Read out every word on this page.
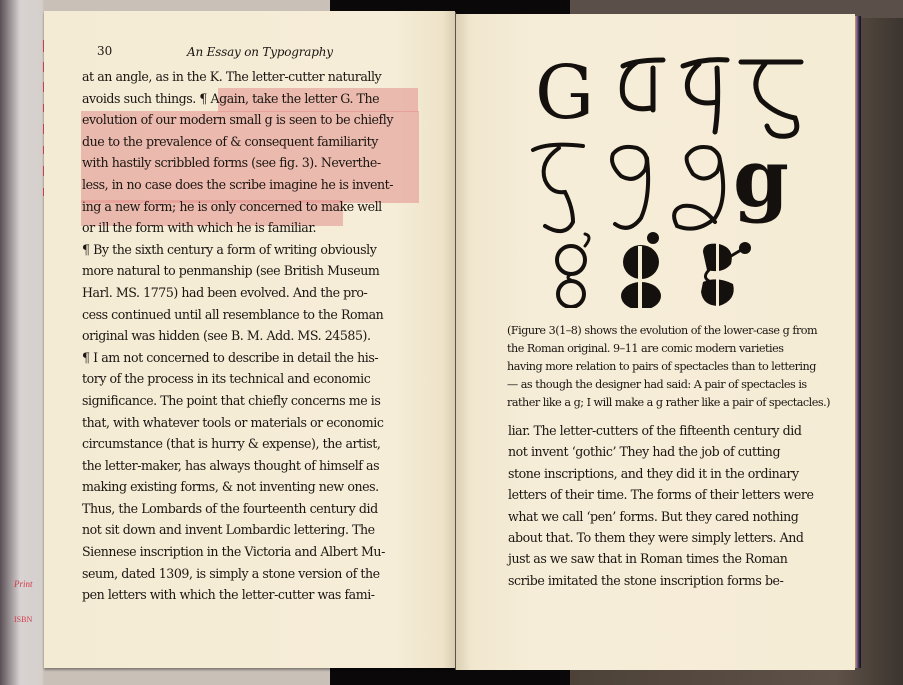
Print
ISBN
30	An Essay on Typography
at an angle, as in the K. The letter-cutter naturally
avoids such things. ¶ Again, take the letter G. The
evolution of our modern small g is seen to be chiefly
due to the prevalence of & consequent familiarity
with hastily scribbled forms (see fig. 3). Neverthe-
less, in no case does the scribe imagine he is invent-
ing a new form; he is only concerned to make well
or ill the form with which he is familiar.
¶ By the sixth century a form of writing obviously
more natural to penmanship (see British Museum
Harl. MS. 1775) had been evolved. And the pro-
cess continued until all resemblance to the Roman
original was hidden (see B. M. Add. MS. 24585).
¶ I am not concerned to describe in detail the his-
tory of the process in its technical and economic
significance. The point that chiefly concerns me is
that, with whatever tools or materials or economic
circumstance (that is hurry & expense), the artist,
the letter-maker, has always thought of himself as
making existing forms, & not inventing new ones.
Thus, the Lombards of the fourteenth century did
not sit down and invent Lombardic lettering. The
Siennese inscription in the Victoria and Albert Mu-
seum, dated 1309, is simply a stone version of the
pen letters with which the letter-cutter was fami-
G
g
(Figure 3(1–8) shows the evolution of the lower-case g from
the Roman original. 9–11 are comic modern varieties
having more relation to pairs of spectacles than to lettering
— as though the designer had said: A pair of spectacles is
rather like a g; I will make a g rather like a pair of spectacles.)
liar. The letter-cutters of the fifteenth century did
not invent ‘gothic’ They had the job of cutting
stone inscriptions, and they did it in the ordinary
letters of their time. The forms of their letters were
what we call ‘pen’ forms. But they cared nothing
about that. To them they were simply letters. And
just as we saw that in Roman times the Roman
scribe imitated the stone inscription forms be-
